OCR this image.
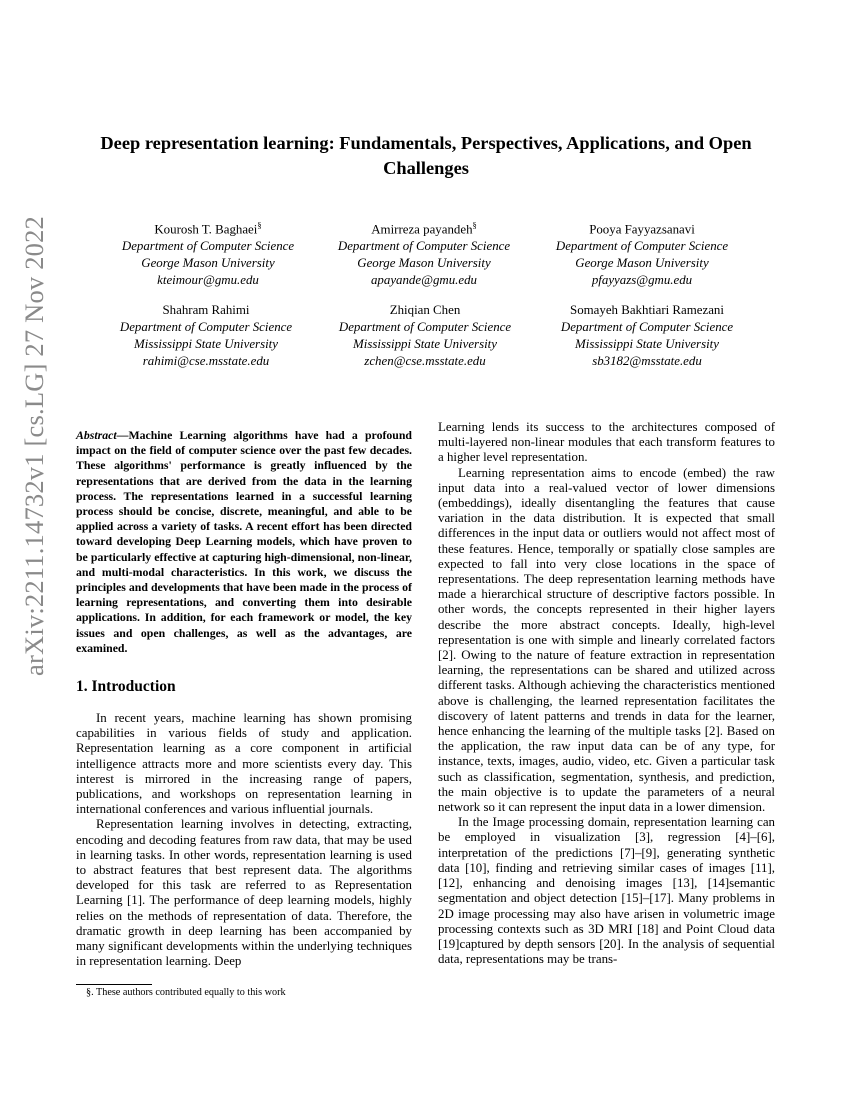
arXiv:2211.14732v1 [cs.LG] 27 Nov 2022
Deep representation learning: Fundamentals, Perspectives, Applications, and Open Challenges
Kourosh T. Baghaei§
Department of Computer Science
George Mason University
kteimour@gmu.edu
Amirreza payandeh§
Department of Computer Science
George Mason University
apayande@gmu.edu
Pooya Fayyazsanavi
Department of Computer Science
George Mason University
pfayyazs@gmu.edu
Shahram Rahimi
Department of Computer Science
Mississippi State University
rahimi@cse.msstate.edu
Zhiqian Chen
Department of Computer Science
Mississippi State University
zchen@cse.msstate.edu
Somayeh Bakhtiari Ramezani
Department of Computer Science
Mississippi State University
sb3182@msstate.edu

Abstract—Machine Learning algorithms have had a profound impact on the field of computer science over the past few decades. These algorithms' performance is greatly influenced by the representations that are derived from the data in the learning process. The representations learned in a successful learning process should be concise, discrete, meaningful, and able to be applied across a variety of tasks. A recent effort has been directed toward developing Deep Learning models, which have proven to be particularly effective at capturing high-dimensional, non-linear, and multi-modal characteristics. In this work, we discuss the principles and developments that have been made in the process of learning representations, and converting them into desirable applications. In addition, for each framework or model, the key issues and open challenges, as well as the advantages, are examined.

1. Introduction

In recent years, machine learning has shown promising capabilities in various fields of study and application. Representation learning as a core component in artificial intelligence attracts more and more scientists every day. This interest is mirrored in the increasing range of papers, publications, and workshops on representation learning in international conferences and various influential journals.

Representation learning involves in detecting, extracting, encoding and decoding features from raw data, that may be used in learning tasks. In other words, representation learning is used to abstract features that best represent data. The algorithms developed for this task are referred to as Representation Learning [1]. The performance of deep learning models, highly relies on the methods of representation of data. Therefore, the dramatic growth in deep learning has been accompanied by many significant developments within the underlying techniques in representation learning. Deep

§. These authors contributed equally to this work

Learning lends its success to the architectures composed of multi-layered non-linear modules that each transform features to a higher level representation.

Learning representation aims to encode (embed) the raw input data into a real-valued vector of lower dimensions (embeddings), ideally disentangling the features that cause variation in the data distribution. It is expected that small differences in the input data or outliers would not affect most of these features. Hence, temporally or spatially close samples are expected to fall into very close locations in the space of representations. The deep representation learning methods have made a hierarchical structure of descriptive factors possible. In other words, the concepts represented in their higher layers describe the more abstract concepts. Ideally, high-level representation is one with simple and linearly correlated factors [2]. Owing to the nature of feature extraction in representation learning, the representations can be shared and utilized across different tasks. Although achieving the characteristics mentioned above is challenging, the learned representation facilitates the discovery of latent patterns and trends in data for the learner, hence enhancing the learning of the multiple tasks [2]. Based on the application, the raw input data can be of any type, for instance, texts, images, audio, video, etc. Given a particular task such as classification, segmentation, synthesis, and prediction, the main objective is to update the parameters of a neural network so it can represent the input data in a lower dimension.

In the Image processing domain, representation learning can be employed in visualization [3], regression [4]–[6], interpretation of the predictions [7]–[9], generating synthetic data [10], finding and retrieving similar cases of images [11], [12], enhancing and denoising images [13], [14]semantic segmentation and object detection [15]–[17]. Many problems in 2D image processing may also have arisen in volumetric image processing contexts such as 3D MRI [18] and Point Cloud data [19]captured by depth sensors [20]. In the analysis of sequential data, representations may be trans-
